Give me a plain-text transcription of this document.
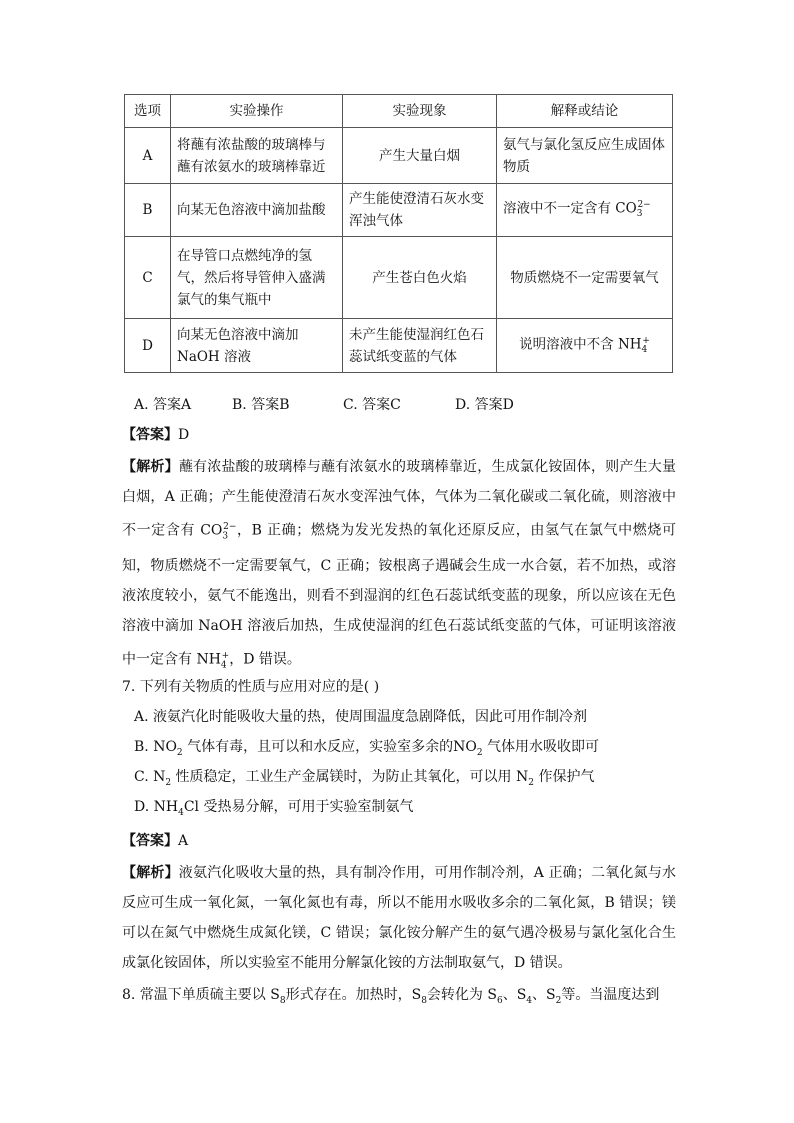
选项	实验操作	实验现象	解释或结论
A	将蘸有浓盐酸的玻璃棒与蘸有浓氨水的玻璃棒靠近	产生大量白烟	氨气与氯化氢反应生成固体物质
B	向某无色溶液中滴加盐酸	产生能使澄清石灰水变浑浊气体	溶液中不一定含有 $CO_3^{2-}$
C	在导管口点燃纯净的氢气，然后将导管伸入盛满氯气的集气瓶中	产生苍白色火焰	物质燃烧不一定需要氧气
D	向某无色溶液中滴加 NaOH 溶液	未产生能使湿润红色石蕊试纸变蓝的气体	说明溶液中不含 $NH_4^+$
A. 答案A	B. 答案B	C. 答案C	D. 答案D
【答案】D
【解析】蘸有浓盐酸的玻璃棒与蘸有浓氨水的玻璃棒靠近，生成氯化铵固体，则产生大量白烟，A 正确；产生能使澄清石灰水变浑浊气体，气体为二氧化碳或二氧化硫，则溶液中不一定含有 $CO_3^{2-}$，B 正确；燃烧为发光发热的氧化还原反应，由氢气在氯气中燃烧可知，物质燃烧不一定需要氧气，C 正确；铵根离子遇碱会生成一水合氨，若不加热，或溶液浓度较小，氨气不能逸出，则看不到湿润的红色石蕊试纸变蓝的现象，所以应该在无色溶液中滴加 NaOH 溶液后加热，生成使湿润的红色石蕊试纸变蓝的气体，可证明该溶液中一定含有 $NH_4^+$，D 错误。
7. 下列有关物质的性质与应用对应的是( )
A. 液氨汽化时能吸收大量的热，使周围温度急剧降低，因此可用作制冷剂
B. $NO_2$ 气体有毒，且可以和水反应，实验室多余的$NO_2$ 气体用水吸收即可
C. $N_2$ 性质稳定，工业生产金属镁时，为防止其氧化，可以用 $N_2$ 作保护气
D. $NH_4Cl$ 受热易分解，可用于实验室制氨气
【答案】A
【解析】液氨汽化吸收大量的热，具有制冷作用，可用作制冷剂，A 正确；二氧化氮与水反应可生成一氧化氮，一氧化氮也有毒，所以不能用水吸收多余的二氧化氮，B 错误；镁可以在氮气中燃烧生成氮化镁，C 错误；氯化铵分解产生的氨气遇冷极易与氯化氢化合生成氯化铵固体，所以实验室不能用分解氯化铵的方法制取氨气，D 错误。
8. 常温下单质硫主要以 $S_8$形式存在。加热时，$S_8$会转化为 $S_6$、$S_4$、$S_2$等。当温度达到
